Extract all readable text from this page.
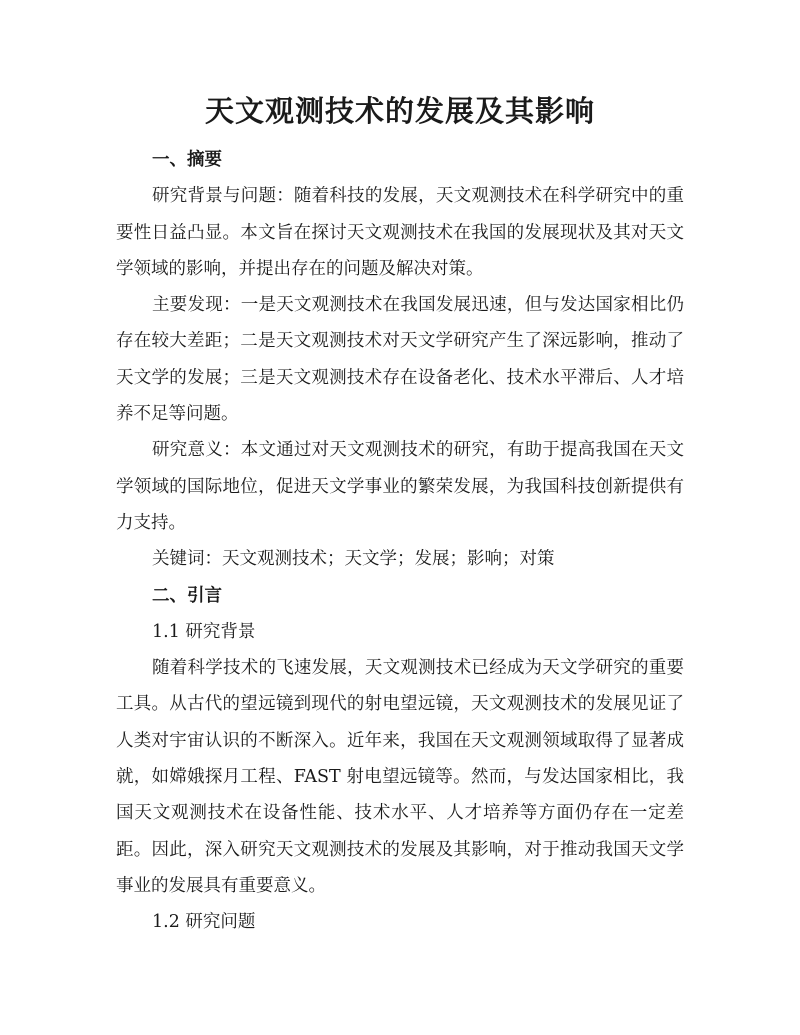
天文观测技术的发展及其影响

一、摘要

研究背景与问题：随着科技的发展，天文观测技术在科学研究中的重要性日益凸显。本文旨在探讨天文观测技术在我国的发展现状及其对天文学领域的影响，并提出存在的问题及解决对策。

主要发现：一是天文观测技术在我国发展迅速，但与发达国家相比仍存在较大差距；二是天文观测技术对天文学研究产生了深远影响，推动了天文学的发展；三是天文观测技术存在设备老化、技术水平滞后、人才培养不足等问题。

研究意义：本文通过对天文观测技术的研究，有助于提高我国在天文学领域的国际地位，促进天文学事业的繁荣发展，为我国科技创新提供有力支持。

关键词：天文观测技术；天文学；发展；影响；对策

二、引言

1.1 研究背景

随着科学技术的飞速发展，天文观测技术已经成为天文学研究的重要工具。从古代的望远镜到现代的射电望远镜，天文观测技术的发展见证了人类对宇宙认识的不断深入。近年来，我国在天文观测领域取得了显著成就，如嫦娥探月工程、FAST 射电望远镜等。然而，与发达国家相比，我国天文观测技术在设备性能、技术水平、人才培养等方面仍存在一定差距。因此，深入研究天文观测技术的发展及其影响，对于推动我国天文学事业的发展具有重要意义。

1.2 研究问题
